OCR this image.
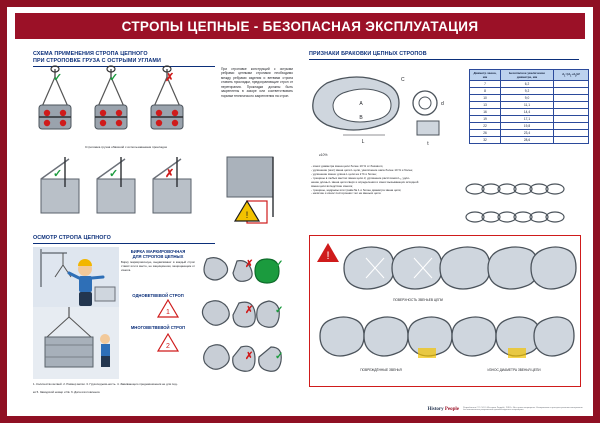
СТРОПЫ ЦЕПНЫЕ - БЕЗОПАСНАЯ ЭКСПЛУАТАЦИЯ
СХЕМА ПРИМЕНЕНИЯ СТРОПА ЦЕПНОГО
ПРИ СТРОПОВКЕ ГРУЗА С ОСТРЫМИ УГЛАМИ
✓	✓	✗
Строповка грузов обвязкой с использованием прокладок
При строповке конструкций с острыми ребрами цепными стропами необходимо между ребрами изделия и ветвями стропа ставить прокладки, предохраняющие строп от перетирания. Прокладки должны быть закреплены в зазоре или соответствовать нормам технического закрепления на строп.
✓	✓	✗
!
ОСМОТР СТРОПА ЦЕПНОГО
БИРКА МАРКИРОВОЧНАЯ
ДЛЯ СТРОПОВ ЦЕПНЫХ
Бирку маркировочную, выдавливают в каждый строп ставят или в месте, не защищённом, защищающем от износа.
ОДНОВЕТВЕВОЙ СТРОП
МНОГОВЕТВЕВОЙ СТРОП
1
2
✗ ✓
✗ ✓
✗ ✓
1. Количество ветвей. 2. Размер ветви. 3. Грузоподъём-ность. 4. Завивающего предназначения не для под-
ки 5. Заводской номер и №. 6. Дата изготовления.
ПРИЗНАКИ БРАКОВКИ ЦЕПНЫХ СТРОПОВ
A
B
C
L
d
t
≥10%
Диаметр звена, мм	Безопасное увеличение диаметра, мм	$d_1=(d_1+d_2)/2$
7	6,2	
8	9,2	
10	9,0	
13	11,1	
16	14,4	
19	17,1	
22	19,8	
26	23,4	
32	28,6	
- износ диаметра звена цепи более 10 % от базового;
- удлинение (шаг) звена цепи L цепи, увеличение шага более 10 % и более;
- удлинение звена: длина L цепи на 2 % и более;
- трещины в любых местах звена цепи d; удлинение расстояния L₁, удли-
нение длины L звена цепи сверх и определения и износ вызывающих исходной
звена цепи вследствие износа;
- трещины, надрывы или травм № 1 и более диаметра звена цепи;
- наличие и износ посторонних тел на звеньях цепи.
!
ПОВЕРХНОСТЬ ЗВЕНЬЕВ ЦЕПИ
ПОВРЕЖДЁННЫЕ ЗВЕНЬЯ	ИЗНОС ДИАМЕТРА ЗВЕНЬЯ ЦЕПИ
History People Разработано ОТ. ООО «История Людей», 2018 г. Все права защищены. Копирование и распространение материалов без письменного разрешения правообладателя запрещено.
